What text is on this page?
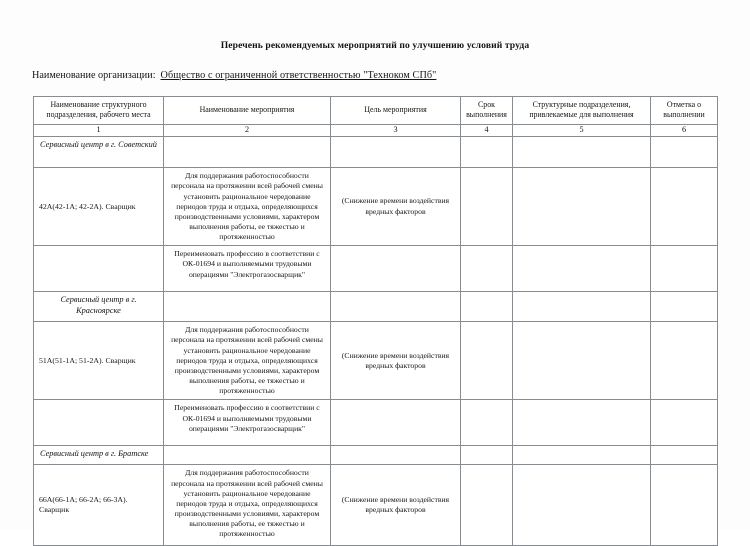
Перечень рекомендуемых мероприятий по улучшению условий труда
Наименование организации: Общество с ограниченной ответственностью "Техноком СПб"
Наименование структурного подразделения, рабочего места	Наименование мероприятия	Цель мероприятия	Срок выполнения	Структурные подразделения, привлекаемые для выполнения	Отметка о выполнении
1	2	3	4	5	6
Сервисный центр в г. Советский					
42А(42-1А; 42-2А). Сварщик	Для поддержания работоспособности персонала на протяжении всей рабочей смены установить рациональное чередование периодов труда и отдыха, определяющихся производственными условиями, характером выполнения работы, ее тяжестью и протяженностью	(Снижение времени воздействия вредных факторов			
	Переименовать профессию в соответствии с ОК-01694 и выполняемыми трудовыми операциями "Электрогазосварщик"				
Сервисный центр в г. Красноярске					
51А(51-1А; 51-2А). Сварщик	Для поддержания работоспособности персонала на протяжении всей рабочей смены установить рациональное чередование периодов труда и отдыха, определяющихся производственными условиями, характером выполнения работы, ее тяжестью и протяженностью	(Снижение времени воздействия вредных факторов			
	Переименовать профессию в соответствии с ОК-01694 и выполняемыми трудовыми операциями "Электрогазосварщик"				
Сервисный центр в г. Братске					
66А(66-1А; 66-2А; 66-3А). Сварщик	Для поддержания работоспособности персонала на протяжении всей рабочей смены установить рациональное чередование периодов труда и отдыха, определяющихся производственными условиями, характером выполнения работы, ее тяжестью и протяженностью	(Снижение времени воздействия вредных факторов			
